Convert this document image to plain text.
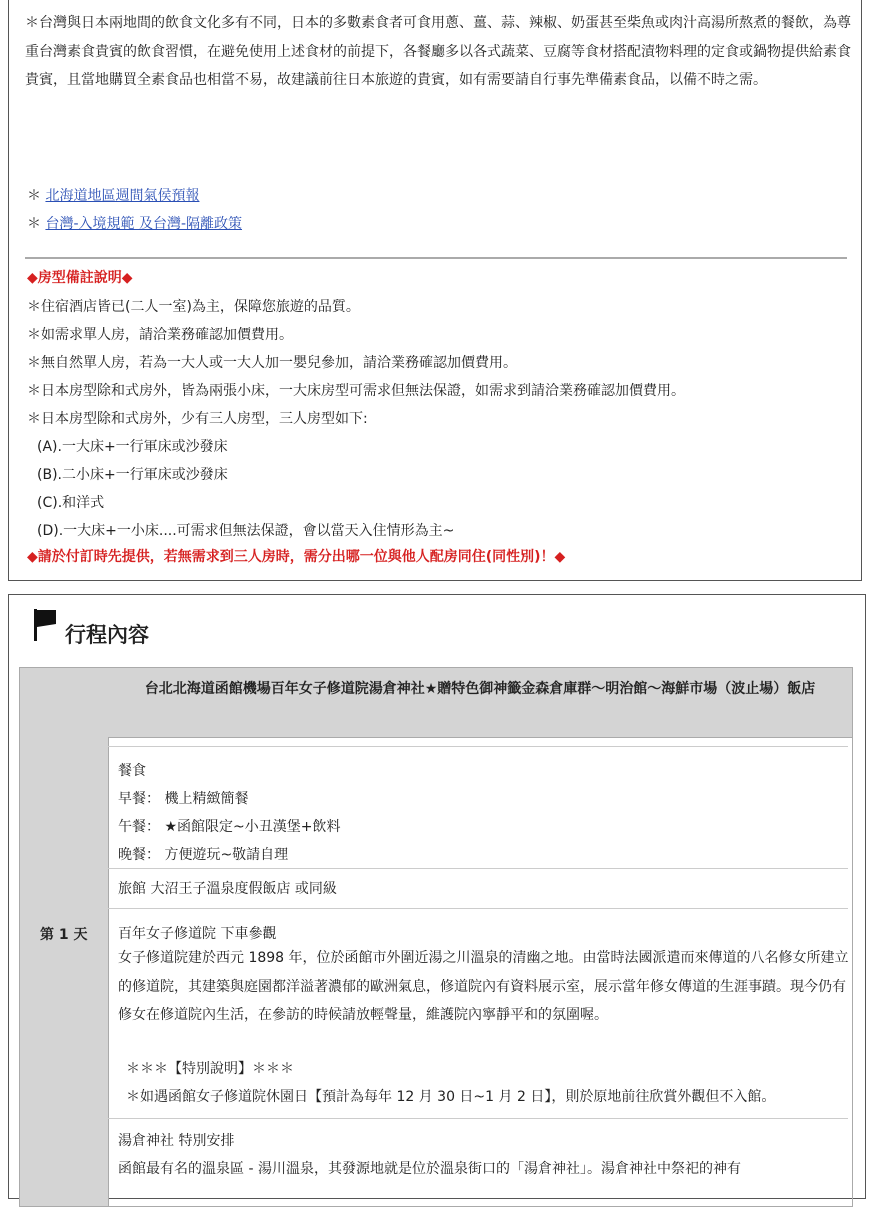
＊台灣與日本兩地間的飲食文化多有不同，日本的多數素食者可食用蔥、薑、蒜、辣椒、奶蛋甚至柴魚或肉汁高湯所熬煮的餐飲，為尊重台灣素食貴賓的飲食習慣，在避免使用上述食材的前提下，各餐廳多以各式蔬菜、豆腐等食材搭配漬物料理的定食或鍋物提供給素食貴賓，且當地購買全素食品也相當不易，故建議前往日本旅遊的貴賓，如有需要請自行事先準備素食品，以備不時之需。

＊ 北海道地區週間氣侯預報
＊ 台灣-入境規範 及台灣-隔離政策
◆房型備註說明◆
＊住宿酒店皆已(二人一室)為主，保障您旅遊的品質。
＊如需求單人房，請洽業務確認加價費用。
＊無自然單人房，若為一大人或一大人加一嬰兒參加，請洽業務確認加價費用。
＊日本房型除和式房外，皆為兩張小床，一大床房型可需求但無法保證，如需求到請洽業務確認加價費用。
＊日本房型除和式房外，少有三人房型，三人房型如下:
(A).一大床+一行軍床或沙發床
(B).二小床+一行軍床或沙發床
(C).和洋式
(D).一大床+一小床....可需求但無法保證，會以當天入住情形為主~
◆請於付訂時先提供，若無需求到三人房時，需分出哪一位與他人配房同住(同性別)！◆
行程內容
第 1 天
台北北海道函館機場百年女子修道院湯倉神社★贈特色御神籤金森倉庫群～明治館～海鮮市場（波止場）飯店
餐食
早餐： 機上精緻簡餐
午餐： ★函館限定~小丑漢堡+飲料
晚餐： 方便遊玩~敬請自理
旅館 大沼王子溫泉度假飯店 或同級
百年女子修道院 下車參觀
女子修道院建於西元 1898 年，位於函館市外圍近湯之川溫泉的清幽之地。由當時法國派遣而來傳道的八名修女所建立的修道院，其建築與庭園都洋溢著濃郁的歐洲氣息，修道院內有資料展示室，展示當年修女傳道的生涯事蹟。現今仍有修女在修道院內生活，在參訪的時候請放輕聲量，維護院內寧靜平和的氛圍喔。
＊＊＊【特別說明】＊＊＊
＊如遇函館女子修道院休園日【預計為每年 12 月 30 日~1 月 2 日】，則於原地前往欣賞外觀但不入館。
湯倉神社 特別安排
函館最有名的溫泉區 - 湯川溫泉，其發源地就是位於溫泉街口的「湯倉神社」。湯倉神社中祭祀的神有
